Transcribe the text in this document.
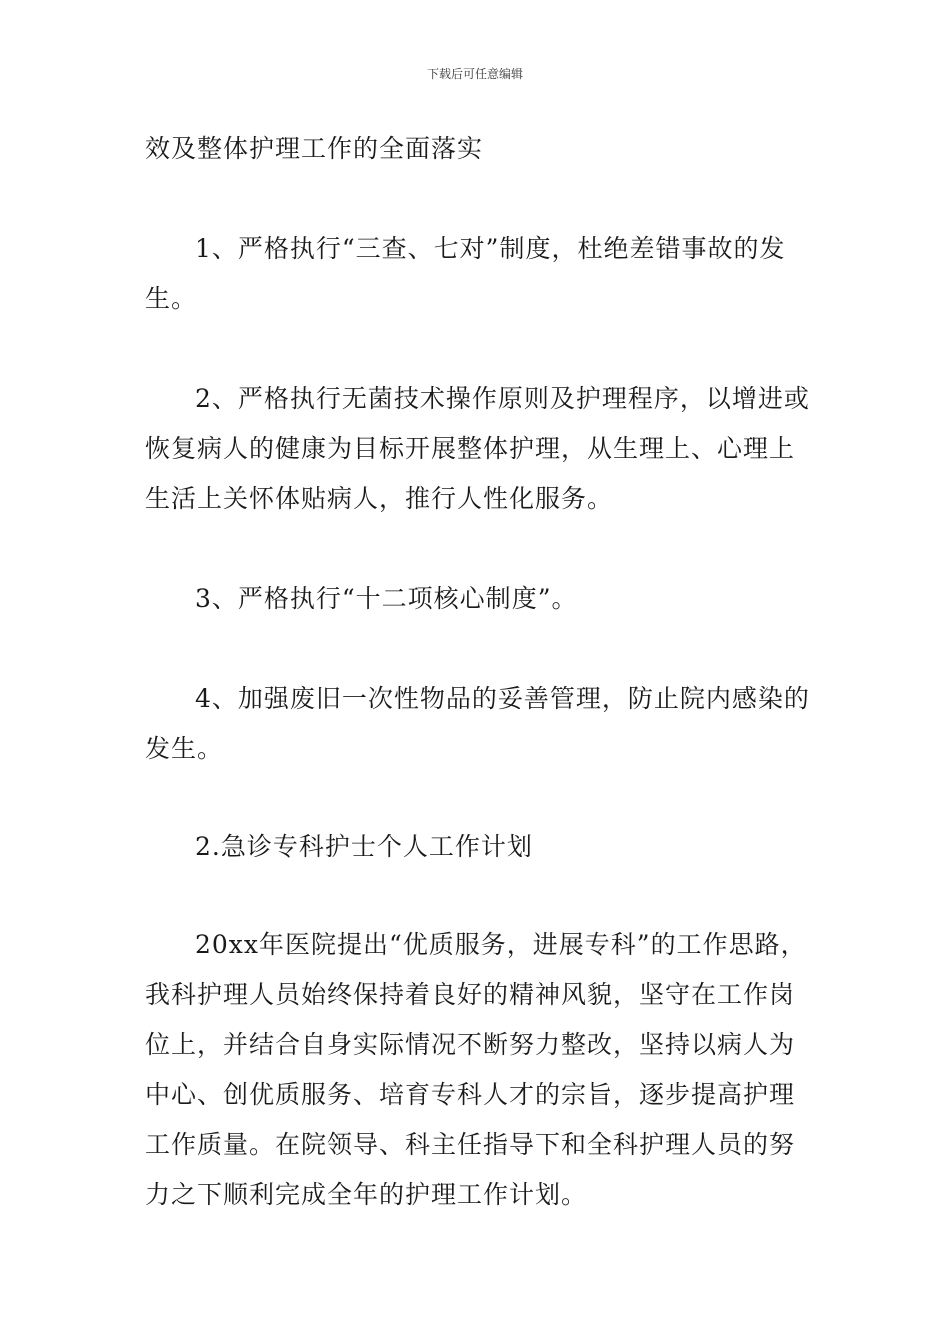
下载后可任意编辑

效及整体护理工作的全面落实

1、严格执行“三查、七对”制度，杜绝差错事故的发生。

2、严格执行无菌技术操作原则及护理程序，以增进或恢复病人的健康为目标开展整体护理，从生理上、心理上生活上关怀体贴病人，推行人性化服务。

3、严格执行“十二项核心制度”。

4、加强废旧一次性物品的妥善管理，防止院内感染的发生。

2.急诊专科护士个人工作计划

20xx年医院提出“优质服务，进展专科”的工作思路，我科护理人员始终保持着良好的精神风貌，坚守在工作岗位上，并结合自身实际情况不断努力整改，坚持以病人为中心、创优质服务、培育专科人才的宗旨，逐步提高护理工作质量。在院领导、科主任指导下和全科护理人员的努力之下顺利完成全年的护理工作计划。
